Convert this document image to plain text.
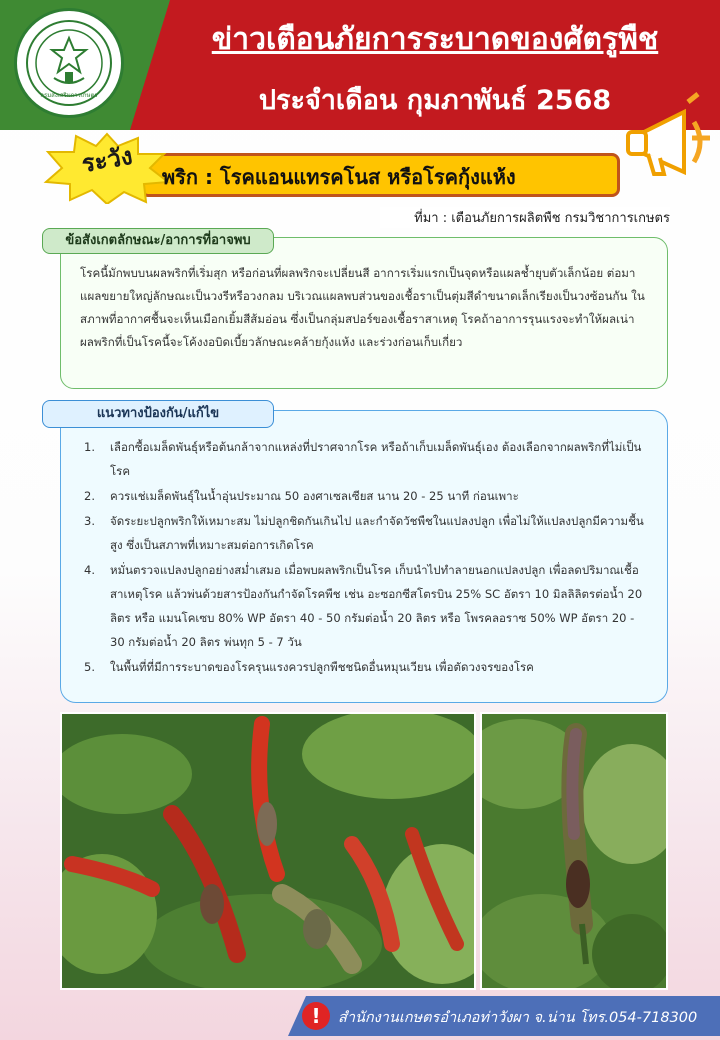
กรมส่งเสริมการเกษตร
ข่าวเตือนภัยการระบาดของศัตรูพืช
ประจำเดือน กุมภาพันธ์ 2568
ระวัง	พริก : โรคแอนแทรคโนส หรือโรคกุ้งแห้ง
ที่มา : เตือนภัยการผลิตพืช กรมวิชาการเกษตร
ข้อสังเกตลักษณะ/อาการที่อาจพบ

โรคนี้มักพบบนผลพริกที่เริ่มสุก หรือก่อนที่ผลพริกจะเปลี่ยนสี อาการเริ่มแรกเป็นจุดหรือแผลช้ำยุบตัวเล็กน้อย ต่อมาแผลขยายใหญ่ลักษณะเป็นวงรีหรือวงกลม บริเวณแผลพบส่วนของเชื้อราเป็นตุ่มสีดำขนาดเล็กเรียงเป็นวงซ้อนกัน ในสภาพที่อากาศชื้นจะเห็นเมือกเยิ้มสีส้มอ่อน ซึ่งเป็นกลุ่มสปอร์ของเชื้อราสาเหตุ โรคถ้าอาการรุนแรงจะทำให้ผลเน่า ผลพริกที่เป็นโรคนี้จะโค้งงอบิดเบี้ยวลักษณะคล้ายกุ้งแห้ง และร่วงก่อนเก็บเกี่ยว

แนวทางป้องกัน/แก้ไข
1. เลือกซื้อเมล็ดพันธุ์หรือต้นกล้าจากแหล่งที่ปราศจากโรค หรือถ้าเก็บเมล็ดพันธุ์เอง ต้องเลือกจากผลพริกที่ไม่เป็นโรค
2. ควรแช่เมล็ดพันธุ์ในน้ำอุ่นประมาณ 50 องศาเซลเซียส นาน 20 - 25 นาที ก่อนเพาะ
3. จัดระยะปลูกพริกให้เหมาะสม ไม่ปลูกชิดกันเกินไป และกำจัดวัชพืชในแปลงปลูก เพื่อไม่ให้แปลงปลูกมีความชื้นสูง ซึ่งเป็นสภาพที่เหมาะสมต่อการเกิดโรค
4. หมั่นตรวจแปลงปลูกอย่างสม่ำเสมอ เมื่อพบผลพริกเป็นโรค เก็บนำไปทำลายนอกแปลงปลูก เพื่อลดปริมาณเชื้อสาเหตุโรค แล้วพ่นด้วยสารป้องกันกำจัดโรคพืช เช่น อะซอกซีสโตรบิน 25% SC อัตรา 10 มิลลิลิตรต่อน้ำ 20 ลิตร หรือ แมนโคเซบ 80% WP อัตรา 40 - 50 กรัมต่อน้ำ 20 ลิตร หรือ โพรคลอราซ 50% WP อัตรา 20 - 30 กรัมต่อน้ำ 20 ลิตร พ่นทุก 5 - 7 วัน
5. ในพื้นที่ที่มีการระบาดของโรครุนแรงควรปลูกพืชชนิดอื่นหมุนเวียน เพื่อตัดวงจรของโรค
!	สำนักงานเกษตรอำเภอท่าวังผา จ.น่าน โทร.054-718300
